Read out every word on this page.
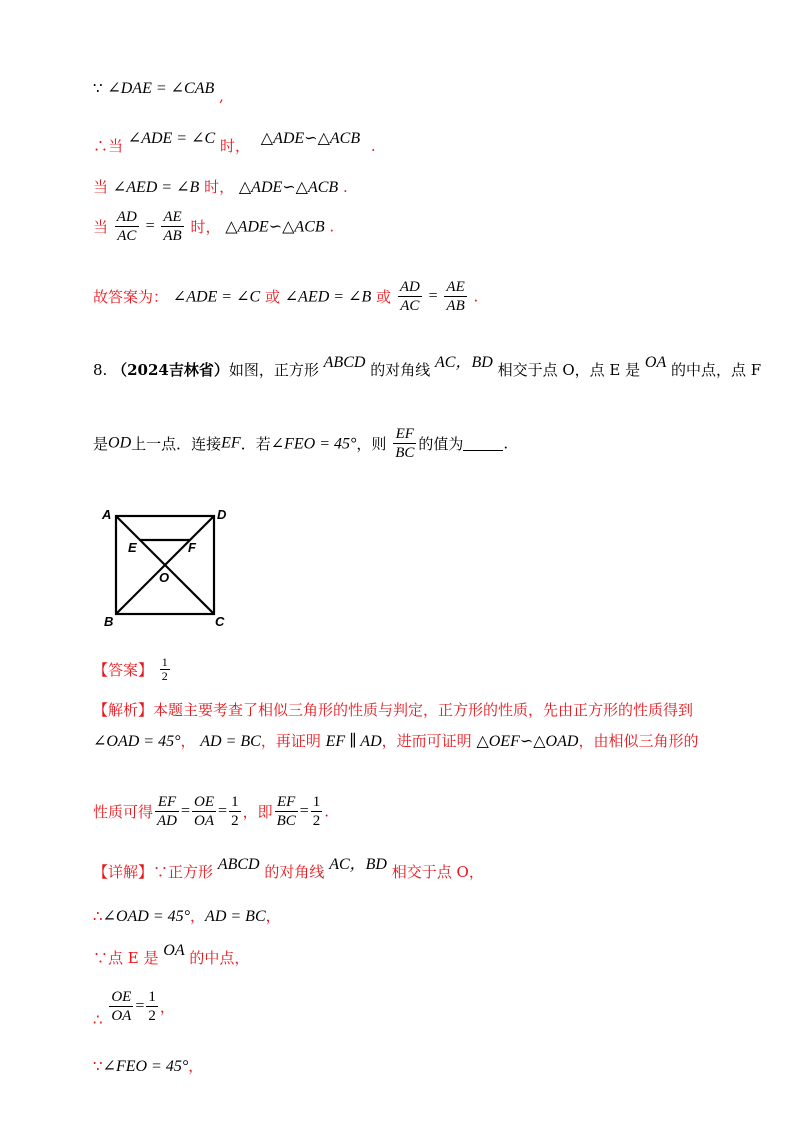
∵ ∠DAE = ∠CAB ,
∴当 ∠ADE = ∠C 时， △ADE∽△ACB .
当 ∠AED = ∠B 时， △ADE∽△ACB .
当 $\frac{AD}{AC} = \frac{AE}{AB}$ 时， △ADE∽△ACB .
故答案为： ∠ADE = ∠C 或 ∠AED = ∠B 或 $\frac{AD}{AC} = \frac{AE}{AB}$ .
8. （2024吉林省）如图，正方形 ABCD 的对角线 AC，BD 相交于点 O，点 E 是 OA 的中点，点 F
是OD上一点．连接EF．若∠FEO = 45°，则 $\frac{EF}{BC}$ 的值为	.
A	D
B	C
E	F
O
【答案】 $\frac{1}{2}$
【解析】本题主要考查了相似三角形的性质与判定，正方形的性质，先由正方形的性质得到
∠OAD = 45°， AD = BC，再证明 EF ∥ AD，进而可证明 △OEF∽△OAD，由相似三角形的
性质可得 $\frac{EF}{AD} = \frac{OE}{OA} = \frac{1}{2}$ ，即 $\frac{EF}{BC} = \frac{1}{2}$ .
【详解】∵正方形 ABCD 的对角线 AC，BD 相交于点 O，
∴∠OAD = 45°，AD = BC，
∵点 E 是 OA 的中点，
∴ $\frac{OE}{OA} = \frac{1}{2}$ ，
∵∠FEO = 45°，
